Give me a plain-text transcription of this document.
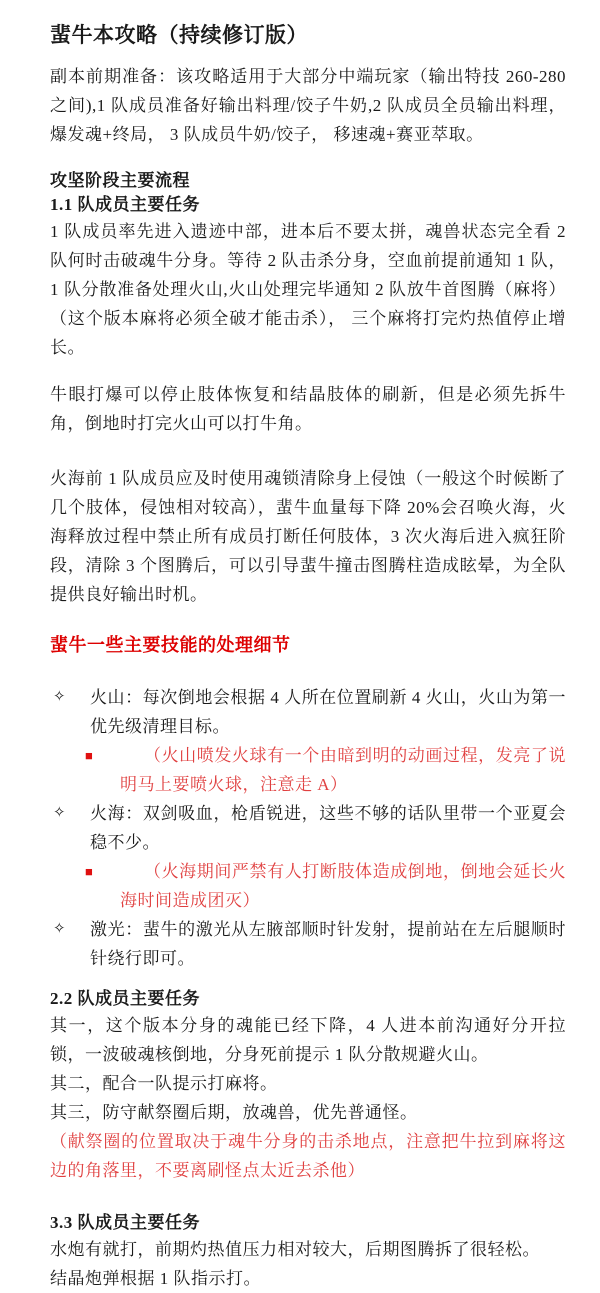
蜚牛本攻略（持续修订版）

副本前期准备：该攻略适用于大部分中端玩家（输出特技 260-280 之间),1 队成员准备好输出料理/饺子牛奶,2 队成员全员输出料理，爆发魂+终局， 3 队成员牛奶/饺子， 移速魂+赛亚萃取。

攻坚阶段主要流程

1.1 队成员主要任务

1 队成员率先进入遗迹中部，进本后不要太拼，魂兽状态完全看 2 队何时击破魂牛分身。等待 2 队击杀分身，空血前提前通知 1 队，1 队分散准备处理火山,火山处理完毕通知 2 队放牛首图腾（麻将）（这个版本麻将必须全破才能击杀）， 三个麻将打完灼热值停止增长。

牛眼打爆可以停止肢体恢复和结晶肢体的刷新，但是必须先拆牛角，倒地时打完火山可以打牛角。

火海前 1 队成员应及时使用魂锁清除身上侵蚀（一般这个时候断了几个肢体，侵蚀相对较高），蜚牛血量每下降 20%会召唤火海，火海释放过程中禁止所有成员打断任何肢体，3 次火海后进入疯狂阶段，清除 3 个图腾后，可以引导蜚牛撞击图腾柱造成眩晕，为全队提供良好输出时机。

蜚牛一些主要技能的处理细节

✧ 火山：每次倒地会根据 4 人所在位置刷新 4 火山，火山为第一优先级清理目标。
■	（火山喷发火球有一个由暗到明的动画过程，发亮了说明马上要喷火球，注意走 A）
✧ 火海：双剑吸血，枪盾锐进，这些不够的话队里带一个亚夏会稳不少。
■	（火海期间严禁有人打断肢体造成倒地，倒地会延长火海时间造成团灭）
✧ 激光：蜚牛的激光从左腋部顺时针发射，提前站在左后腿顺时针绕行即可。

2.2 队成员主要任务

其一，这个版本分身的魂能已经下降，4 人进本前沟通好分开拉锁，一波破魂核倒地，分身死前提示 1 队分散规避火山。

其二，配合一队提示打麻将。

其三，防守献祭圈后期，放魂兽，优先普通怪。

（献祭圈的位置取决于魂牛分身的击杀地点，注意把牛拉到麻将这边的角落里，不要离刷怪点太近去杀他）

3.3 队成员主要任务

水炮有就打，前期灼热值压力相对较大，后期图腾拆了很轻松。

结晶炮弹根据 1 队指示打。
